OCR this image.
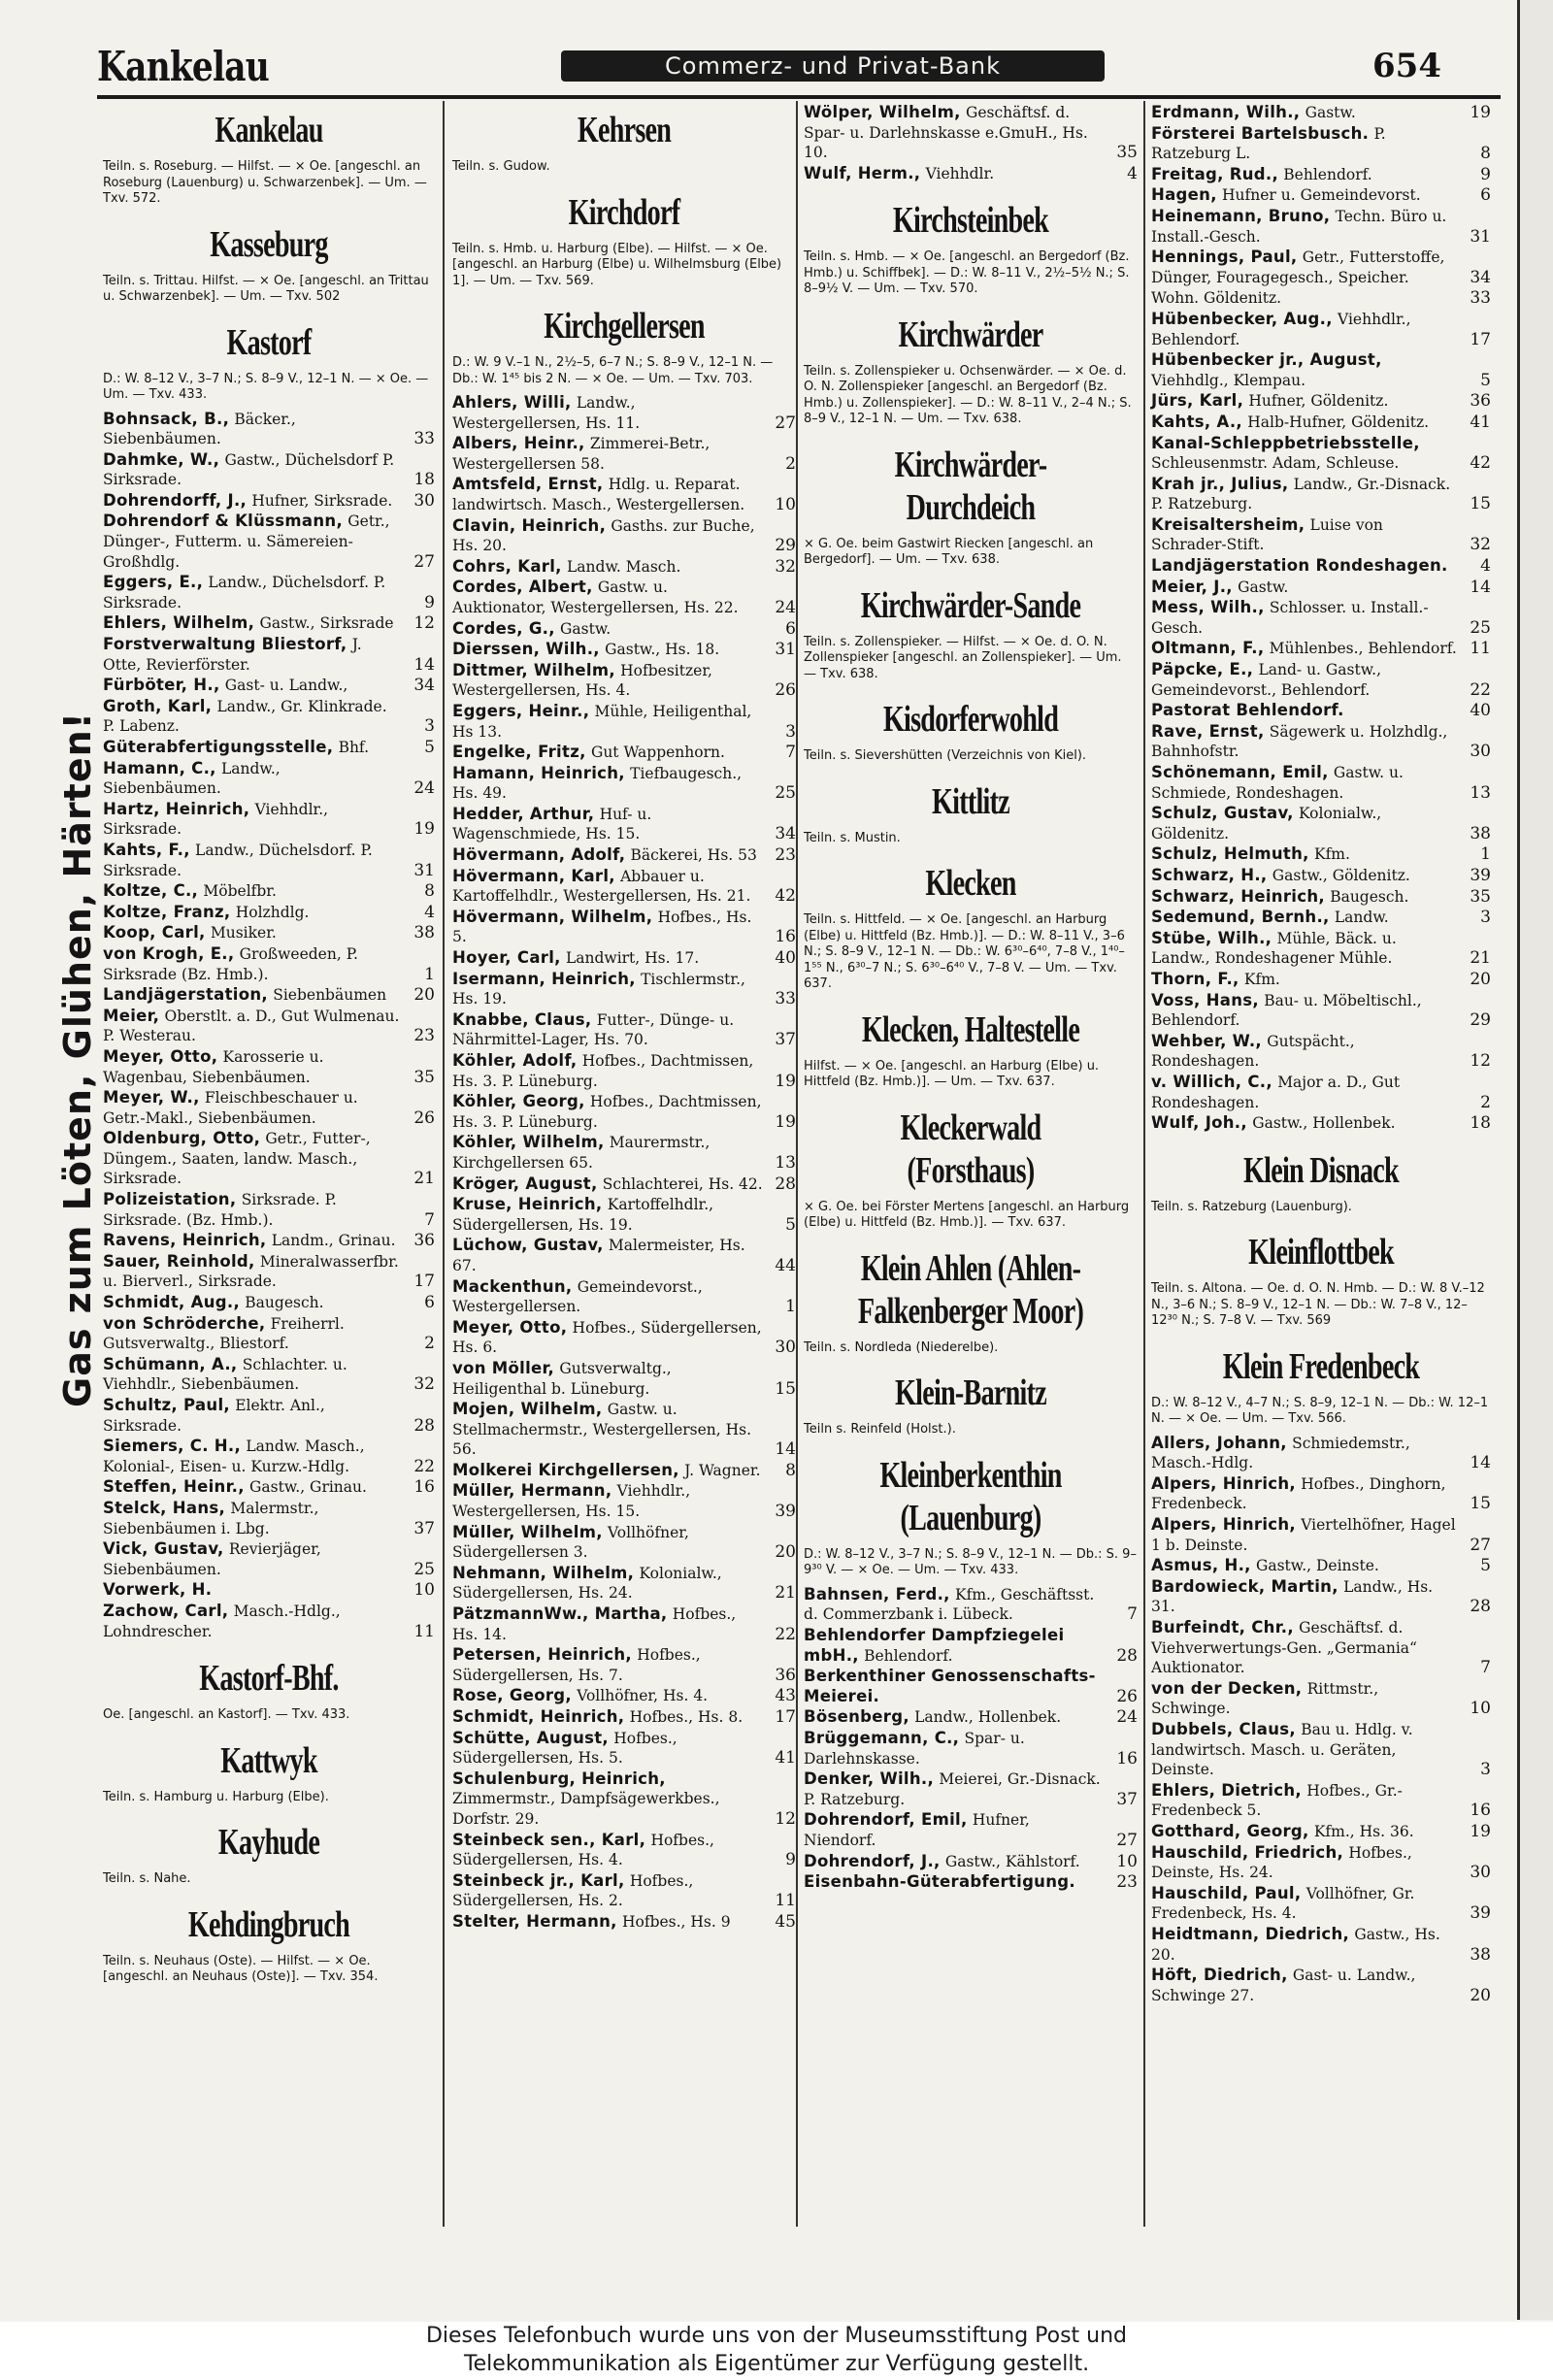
Kankelau	Commerz- und Privat-Bank	654
Kankelau
Teiln. s. Roseburg. — Hilfst. — × Oe. [angeschl. an Roseburg (Lauenburg) u. Schwarzenbek]. — Um. — Txv. 572.
Kasseburg
Teiln. s. Trittau. Hilfst. — × Oe. [angeschl. an Trittau u. Schwarzenbek]. — Um. — Txv. 502
Kastorf
D.: W. 8–12 V., 3–7 N.; S. 8–9 V., 12–1 N. — × Oe. — Um. — Txv. 433.
Bohnsack, B., Bäcker., Siebenbäumen.	33
Dahmke, W., Gastw., Düchelsdorf P. Sirksrade.	18
Dohrendorff, J., Hufner, Sirksrade. 30
Dohrendorf & Klüssmann, Getr., Dünger-, Futterm. u. Sämereien-Großhdlg.	27
Eggers, E., Landw., Düchelsdorf. P. Sirksrade.	9
Ehlers, Wilhelm, Gastw., Sirksrade 12
Forstverwaltung Bliestorf, J. Otte, Revierförster.	14
Fürböter, H., Gast- u. Landw.,	34
Groth, Karl, Landw., Gr. Klinkrade. P. Labenz.	3
Güterabfertigungsstelle, Bhf.	5
Hamann, C., Landw., Siebenbäumen.	24
Hartz, Heinrich, Viehhdlr., Sirksrade.	19
Kahts, F., Landw., Düchelsdorf. P. Sirksrade.	31
Koltze, C., Möbelfbr.	8
Koltze, Franz, Holzhdlg.	4
Koop, Carl, Musiker.	38
von Krogh, E., Großweeden, P. Sirksrade (Bz. Hmb.).	1
Landjägerstation, Siebenbäumen 20
Meier, Oberstlt. a. D., Gut Wulmenau. P. Westerau.	23
Meyer, Otto, Karosserie u. Wagenbau, Siebenbäumen.	35
Meyer, W., Fleischbeschauer u. Getr.-Makl., Siebenbäumen.	26
Oldenburg, Otto, Getr., Futter-, Düngem., Saaten, landw. Masch., Sirksrade.	21
Polizeistation, Sirksrade. P. Sirksrade. (Bz. Hmb.).	7
Ravens, Heinrich, Landm., Grinau. 36
Sauer, Reinhold, Mineralwasserfbr. u. Bierverl., Sirksrade.	17
Schmidt, Aug., Baugesch.	6
von Schröderche, Freiherrl. Gutsverwaltg., Bliestorf.	2
Schümann, A., Schlachter. u. Viehhdlr., Siebenbäumen.	32
Schultz, Paul, Elektr. Anl., Sirksrade.	28
Siemers, C. H., Landw. Masch., Kolonial-, Eisen- u. Kurzw.-Hdlg.	22
Steffen, Heinr., Gastw., Grinau.	16
Stelck, Hans, Malermstr., Siebenbäumen i. Lbg.	37
Vick, Gustav, Revierjäger, Siebenbäumen.	25
Vorwerk, H.	10
Zachow, Carl, Masch.-Hdlg., Lohndrescher.	11
Kastorf-Bhf.
Oe. [angeschl. an Kastorf]. — Txv. 433.
Kattwyk
Teiln. s. Hamburg u. Harburg (Elbe).
Kayhude
Teiln. s. Nahe.
Kehdingbruch
Teiln. s. Neuhaus (Oste). — Hilfst. — × Oe. [angeschl. an Neuhaus (Oste)]. — Txv. 354.
Kehrsen
Teiln. s. Gudow.
Kirchdorf
Teiln. s. Hmb. u. Harburg (Elbe). — Hilfst. — × Oe. [angeschl. an Harburg (Elbe) u. Wilhelmsburg (Elbe) 1]. — Um. — Txv. 569.
Kirchgellersen
D.: W. 9 V.–1 N., 2½–5, 6–7 N.; S. 8–9 V., 12–1 N. — Db.: W. 1⁴⁵ bis 2 N. — × Oe. — Um. — Txv. 703.
Ahlers, Willi, Landw., Westergellersen, Hs. 11.	27
Albers, Heinr., Zimmerei-Betr., Westergellersen 58.	2
Amtsfeld, Ernst, Hdlg. u. Reparat. landwirtsch. Masch., Westergellersen. 10
Clavin, Heinrich, Gasths. zur Buche, Hs. 20.	29
Cohrs, Karl, Landw. Masch.	32
Cordes, Albert, Gastw. u. Auktionator, Westergellersen, Hs. 22. 24
Cordes, G., Gastw.	6
Dierssen, Wilh., Gastw., Hs. 18.	31
Dittmer, Wilhelm, Hofbesitzer, Westergellersen, Hs. 4.	26
Eggers, Heinr., Mühle, Heiligenthal, Hs 13.	3
Engelke, Fritz, Gut Wappenhorn.	7
Hamann, Heinrich, Tiefbaugesch., Hs. 49.	25
Hedder, Arthur, Huf- u. Wagenschmiede, Hs. 15.	34
Hövermann, Adolf, Bäckerei, Hs. 53 23
Hövermann, Karl, Abbauer u. Kartoffelhdlr., Westergellersen, Hs. 21. 42
Hövermann, Wilhelm, Hofbes., Hs. 5.	16
Hoyer, Carl, Landwirt, Hs. 17.	40
Isermann, Heinrich, Tischlermstr., Hs. 19.	33
Knabbe, Claus, Futter-, Dünge- u. Nährmittel-Lager, Hs. 70.	37
Köhler, Adolf, Hofbes., Dachtmissen, Hs. 3. P. Lüneburg.	19
Köhler, Georg, Hofbes., Dachtmissen, Hs. 3. P. Lüneburg.	19
Köhler, Wilhelm, Maurermstr., Kirchgellersen 65.	13
Kröger, August, Schlachterei, Hs. 42. 28
Kruse, Heinrich, Kartoffelhdlr., Südergellersen, Hs. 19.	5
Lüchow, Gustav, Malermeister, Hs. 67.	44
Mackenthun, Gemeindevorst., Westergellersen.	1
Meyer, Otto, Hofbes., Südergellersen, Hs. 6.	30
von Möller, Gutsverwaltg., Heiligenthal b. Lüneburg.	15
Mojen, Wilhelm, Gastw. u. Stellmachermstr., Westergellersen, Hs. 56.	14
Molkerei Kirchgellersen, J. Wagner. 8
Müller, Hermann, Viehhdlr., Westergellersen, Hs. 15.	39
Müller, Wilhelm, Vollhöfner, Südergellersen 3.	20
Nehmann, Wilhelm, Kolonialw., Südergellersen, Hs. 24.	21
PätzmannWw., Martha, Hofbes., Hs. 14.	22
Petersen, Heinrich, Hofbes., Südergellersen, Hs. 7.	36
Rose, Georg, Vollhöfner, Hs. 4.	43
Schmidt, Heinrich, Hofbes., Hs. 8. 17
Schütte, August, Hofbes., Südergellersen, Hs. 5.	41
Schulenburg, Heinrich, Zimmermstr., Dampfsägewerkbes., Dorfstr. 29.	12
Steinbeck sen., Karl, Hofbes., Südergellersen, Hs. 4.	9
Steinbeck jr., Karl, Hofbes., Südergellersen, Hs. 2.	11
Stelter, Hermann, Hofbes., Hs. 9	45
Wölper, Wilhelm, Geschäftsf. d. Spar- u. Darlehnskasse e.GmuH., Hs. 10.	35
Wulf, Herm., Viehhdlr.	4
Kirchsteinbek
Teiln. s. Hmb. — × Oe. [angeschl. an Bergedorf (Bz. Hmb.) u. Schiffbek]. — D.: W. 8–11 V., 2½–5½ N.; S. 8–9½ V. — Um. — Txv. 570.
Kirchwärder
Teiln. s. Zollenspieker u. Ochsenwärder. — × Oe. d. O. N. Zollenspieker [angeschl. an Bergedorf (Bz. Hmb.) u. Zollenspieker]. — D.: W. 8–11 V., 2–4 N.; S. 8–9 V., 12–1 N. — Um. — Txv. 638.
Kirchwärder-Durchdeich
× G. Oe. beim Gastwirt Riecken [angeschl. an Bergedorf]. — Um. — Txv. 638.
Kirchwärder-Sande
Teiln. s. Zollenspieker. — Hilfst. — × Oe. d. O. N. Zollenspieker [angeschl. an Zollenspieker]. — Um. — Txv. 638.
Kisdorferwohld
Teiln. s. Sievershütten (Verzeichnis von Kiel).
Kittlitz
Teiln. s. Mustin.
Klecken
Teiln. s. Hittfeld. — × Oe. [angeschl. an Harburg (Elbe) u. Hittfeld (Bz. Hmb.)]. — D.: W. 8–11 V., 3–6 N.; S. 8–9 V., 12–1 N. — Db.: W. 6³⁰–6⁴⁰, 7–8 V., 1⁴⁰–1⁵⁵ N., 6³⁰–7 N.; S. 6³⁰–6⁴⁰ V., 7–8 V. — Um. — Txv. 637.
Klecken, Haltestelle
Hilfst. — × Oe. [angeschl. an Harburg (Elbe) u. Hittfeld (Bz. Hmb.)]. — Um. — Txv. 637.
Kleckerwald (Forsthaus)
× G. Oe. bei Förster Mertens [angeschl. an Harburg (Elbe) u. Hittfeld (Bz. Hmb.)]. — Txv. 637.
Klein Ahlen (Ahlen-Falkenberger Moor)
Teiln. s. Nordleda (Niederelbe).
Klein-Barnitz
Teiln s. Reinfeld (Holst.).
Kleinberkenthin (Lauenburg)
D.: W. 8–12 V., 3–7 N.; S. 8–9 V., 12–1 N. — Db.: S. 9–9³⁰ V. — × Oe. — Um. — Txv. 433.
Bahnsen, Ferd., Kfm., Geschäftsst. d. Commerzbank i. Lübeck.	7
Behlendorfer Dampfziegelei mbH., Behlendorf.	28
Berkenthiner Genossenschafts-Meierei.	26
Bösenberg, Landw., Hollenbek.	24
Brüggemann, C., Spar- u. Darlehnskasse.	16
Denker, Wilh., Meierei, Gr.-Disnack. P. Ratzeburg.	37
Dohrendorf, Emil, Hufner, Niendorf.	27
Dohrendorf, J., Gastw., Kählstorf. 10
Eisenbahn-Güterabfertigung. 23
Erdmann, Wilh., Gastw.	19
Försterei Bartelsbusch. P. Ratzeburg L.	8
Freitag, Rud., Behlendorf.	9
Hagen, Hufner u. Gemeindevorst.	6
Heinemann, Bruno, Techn. Büro u. Install.-Gesch.	31
Hennings, Paul, Getr., Futterstoffe, Dünger, Fouragegesch., Speicher.	34
Wohn. Göldenitz.	33
Hübenbecker, Aug., Viehhdlr., Behlendorf.	17
Hübenbecker jr., August, Viehhdlg., Klempau.	5
Jürs, Karl, Hufner, Göldenitz.	36
Kahts, A., Halb-Hufner, Göldenitz. 41
Kanal-Schleppbetriebsstelle, Schleusenmstr. Adam, Schleuse.	42
Krah jr., Julius, Landw., Gr.-Disnack. P. Ratzeburg.	15
Kreisaltersheim, Luise von Schrader-Stift.	32
Landjägerstation Rondeshagen. 4
Meier, J., Gastw.	14
Mess, Wilh., Schlosser. u. Install.-Gesch.	25
Oltmann, F., Mühlenbes., Behlendorf. 11
Päpcke, E., Land- u. Gastw., Gemeindevorst., Behlendorf.	22
Pastorat Behlendorf.	40
Rave, Ernst, Sägewerk u. Holzhdlg., Bahnhofstr.	30
Schönemann, Emil, Gastw. u. Schmiede, Rondeshagen.	13
Schulz, Gustav, Kolonialw., Göldenitz.	38
Schulz, Helmuth, Kfm.	1
Schwarz, H., Gastw., Göldenitz.	39
Schwarz, Heinrich, Baugesch.	35
Sedemund, Bernh., Landw.	3
Stübe, Wilh., Mühle, Bäck. u. Landw., Rondeshagener Mühle.	21
Thorn, F., Kfm.	20
Voss, Hans, Bau- u. Möbeltischl., Behlendorf.	29
Wehber, W., Gutspächt., Rondeshagen.	12
v. Willich, C., Major a. D., Gut Rondeshagen.	2
Wulf, Joh., Gastw., Hollenbek.	18
Klein Disnack
Teiln. s. Ratzeburg (Lauenburg).
Kleinflottbek
Teiln. s. Altona. — Oe. d. O. N. Hmb. — D.: W. 8 V.–12 N., 3–6 N.; S. 8–9 V., 12–1 N. — Db.: W. 7–8 V., 12–12³⁰ N.; S. 7–8 V. — Txv. 569
Klein Fredenbeck
D.: W. 8–12 V., 4–7 N.; S. 8–9, 12–1 N. — Db.: W. 12–1 N. — × Oe. — Um. — Txv. 566.
Allers, Johann, Schmiedemstr., Masch.-Hdlg.	14
Alpers, Hinrich, Hofbes., Dinghorn, Fredenbeck.	15
Alpers, Hinrich, Viertelhöfner, Hagel 1 b. Deinste.	27
Asmus, H., Gastw., Deinste.	5
Bardowieck, Martin, Landw., Hs. 31.	28
Burfeindt, Chr., Geschäftsf. d. Viehverwertungs-Gen. „Germania“ Auktionator.	7
von der Decken, Rittmstr., Schwinge.	10
Dubbels, Claus, Bau u. Hdlg. v. landwirtsch. Masch. u. Geräten, Deinste.	3
Ehlers, Dietrich, Hofbes., Gr.-Fredenbeck 5.	16
Gotthard, Georg, Kfm., Hs. 36.	19
Hauschild, Friedrich, Hofbes., Deinste, Hs. 24.	30
Hauschild, Paul, Vollhöfner, Gr. Fredenbeck, Hs. 4.	39
Heidtmann, Diedrich, Gastw., Hs. 20.	38
Höft, Diedrich, Gast- u. Landw., Schwinge 27.	20
Gas zum Löten, Glühen, Härten!
Dieses Telefonbuch wurde uns von der Museumsstiftung Post und
Telekommunikation als Eigentümer zur Verfügung gestellt.
